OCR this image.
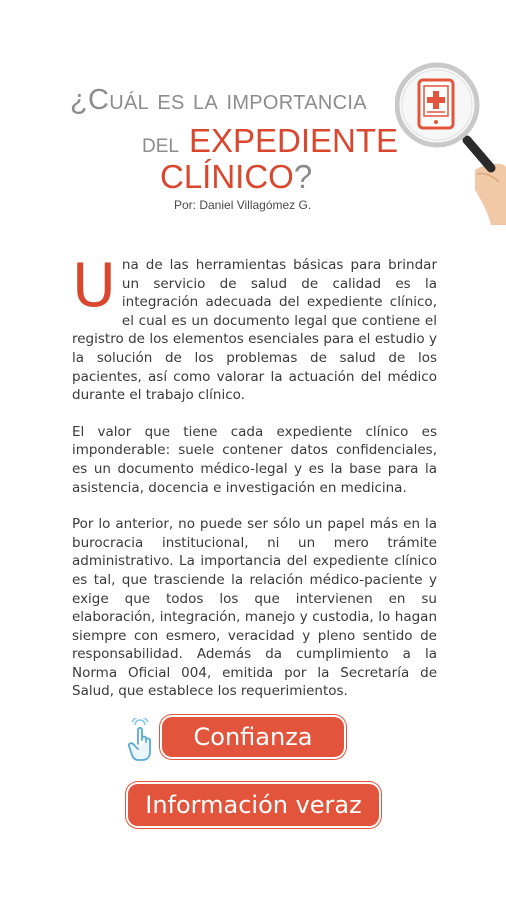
¿Cuál es la importancia
del EXPEDIENTE
CLÍNICO?
Por: Daniel Villagómez G.

Una de las herramientas básicas para brindar un servicio de salud de calidad es la integración adecuada del expediente clínico, el cual es un documento legal que contiene el registro de los elementos esenciales para el estudio y la solución de los problemas de salud de los pacientes, así como valorar la actuación del médico durante el trabajo clínico.

El valor que tiene cada expediente clínico es imponderable: suele contener datos confidenciales, es un documento médico-legal y es la base para la asistencia, docencia e investigación en medicina.

Por lo anterior, no puede ser sólo un papel más en la burocracia institucional, ni un mero trámite administrativo. La importancia del expediente clínico es tal, que trasciende la relación médico-paciente y exige que todos los que intervienen en su elaboración, integración, manejo y custodia, lo hagan siempre con esmero, veracidad y pleno sentido de responsabilidad. Además da cumplimiento a la Norma Oficial 004, emitida por la Secretaría de Salud, que establece los requerimientos.

Confianza
Información veraz
